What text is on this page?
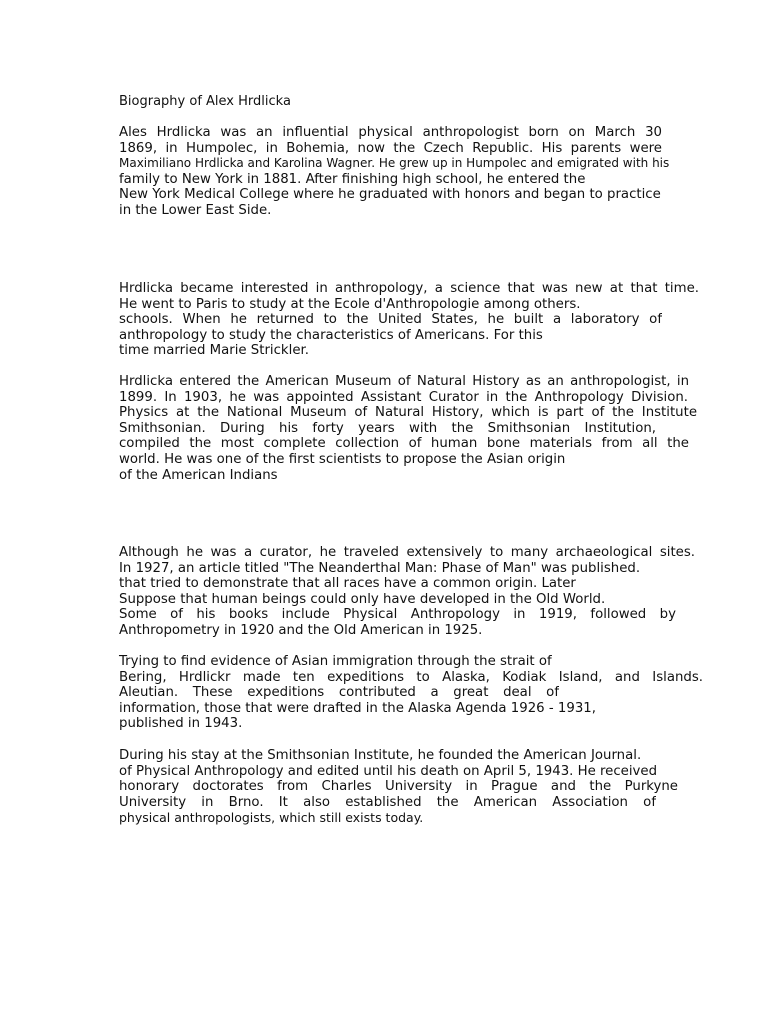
Biography of Alex Hrdlicka
Ales Hrdlicka was an influential physical anthropologist born on March 30
1869, in Humpolec, in Bohemia, now the Czech Republic. His parents were
Maximiliano Hrdlicka and Karolina Wagner. He grew up in Humpolec and emigrated with his
family to New York in 1881. After finishing high school, he entered the
New York Medical College where he graduated with honors and began to practice
in the Lower East Side.
Hrdlicka became interested in anthropology, a science that was new at that time.
He went to Paris to study at the Ecole d'Anthropologie among others.
schools. When he returned to the United States, he built a laboratory of
anthropology to study the characteristics of Americans. For this
time married Marie Strickler.
Hrdlicka entered the American Museum of Natural History as an anthropologist, in
1899. In 1903, he was appointed Assistant Curator in the Anthropology Division.
Physics at the National Museum of Natural History, which is part of the Institute
Smithsonian. During his forty years with the Smithsonian Institution,
compiled the most complete collection of human bone materials from all the
world. He was one of the first scientists to propose the Asian origin
of the American Indians
Although he was a curator, he traveled extensively to many archaeological sites.
In 1927, an article titled "The Neanderthal Man: Phase of Man" was published.
that tried to demonstrate that all races have a common origin. Later
Suppose that human beings could only have developed in the Old World.
Some of his books include Physical Anthropology in 1919, followed by
Anthropometry in 1920 and the Old American in 1925.
Trying to find evidence of Asian immigration through the strait of
Bering, Hrdlickr made ten expeditions to Alaska, Kodiak Island, and Islands.
Aleutian. These expeditions contributed a great deal of
information, those that were drafted in the Alaska Agenda 1926 - 1931,
published in 1943.
During his stay at the Smithsonian Institute, he founded the American Journal.
of Physical Anthropology and edited until his death on April 5, 1943. He received
honorary doctorates from Charles University in Prague and the Purkyne
University in Brno. It also established the American Association of
physical anthropologists, which still exists today.
